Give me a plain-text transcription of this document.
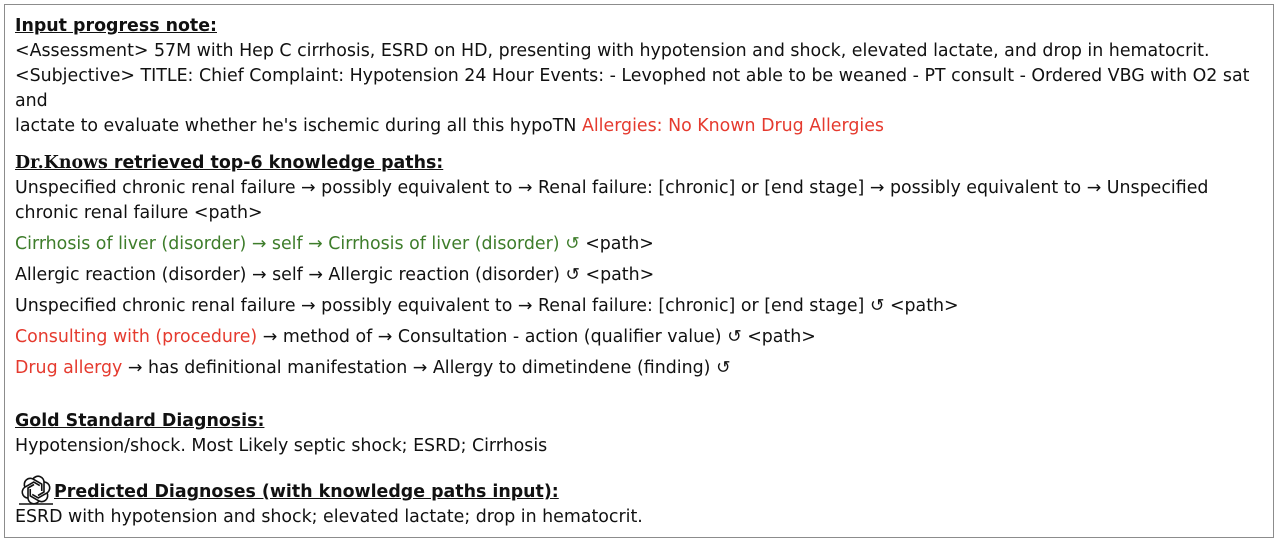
Input progress note:
<Assessment> 57M with Hep C cirrhosis, ESRD on HD, presenting with hypotension and shock, elevated lactate, and drop in hematocrit.
<Subjective> TITLE: Chief Complaint: Hypotension 24 Hour Events: - Levophed not able to be weaned - PT consult - Ordered VBG with O2 sat and
lactate to evaluate whether he's ischemic during all this hypoTN Allergies: No Known Drug Allergies
Dr.Knows retrieved top-6 knowledge paths:
Unspecified chronic renal failure → possibly equivalent to → Renal failure: [chronic] or [end stage] → possibly equivalent to → Unspecified
chronic renal failure <path>
Cirrhosis of liver (disorder) → self → Cirrhosis of liver (disorder) ↺ <path>
Allergic reaction (disorder) → self → Allergic reaction (disorder) ↺ <path>
Unspecified chronic renal failure → possibly equivalent to → Renal failure: [chronic] or [end stage] ↺ <path>
Consulting with (procedure) → method of → Consultation - action (qualifier value) ↺ <path>
Drug allergy → has definitional manifestation → Allergy to dimetindene (finding) ↺
Gold Standard Diagnosis:
Hypotension/shock. Most Likely septic shock; ESRD; Cirrhosis
Predicted Diagnoses (with knowledge paths input):
ESRD with hypotension and shock; elevated lactate; drop in hematocrit.
